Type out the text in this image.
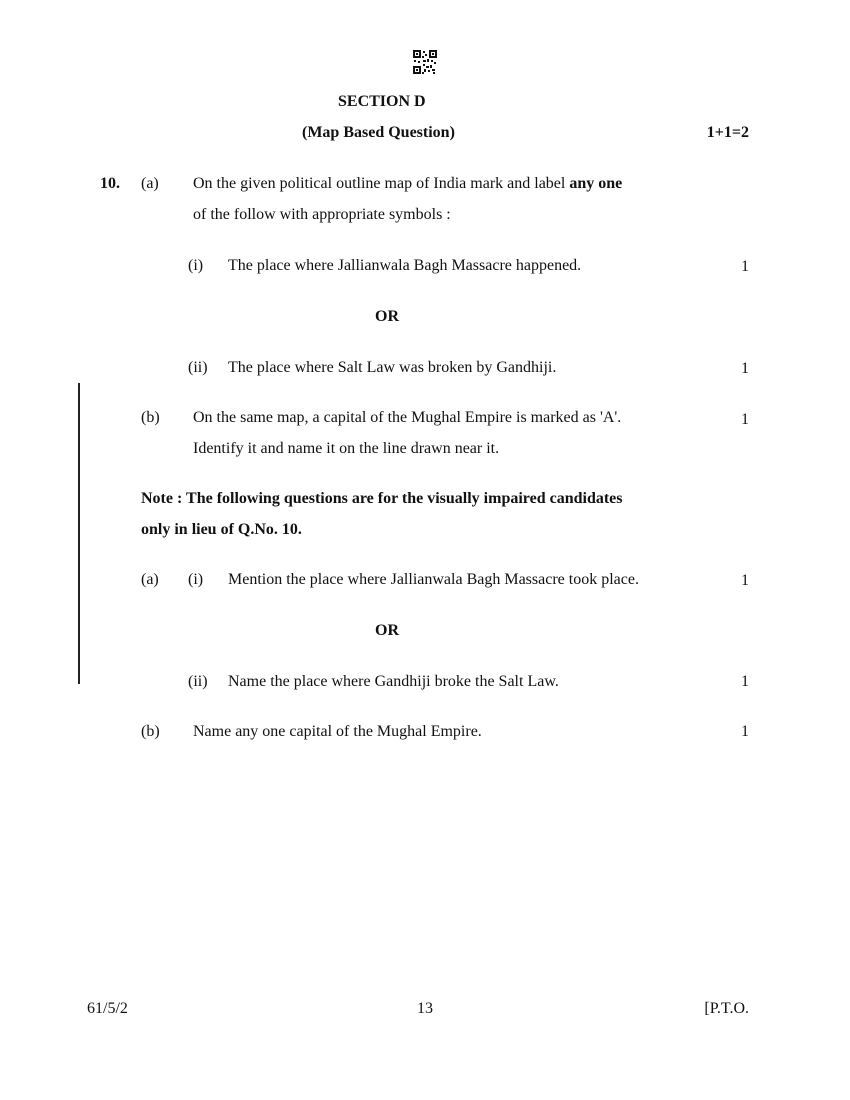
SECTION D
(Map Based Question)	1+1=2
10. (a) On the given political outline map of India mark and label any one
of the follow with appropriate symbols :
(i) The place where Jallianwala Bagh Massacre happened.	1
OR
(ii) The place where Salt Law was broken by Gandhiji.	1
(b) On the same map, a capital of the Mughal Empire is marked as 'A'.	1
Identify it and name it on the line drawn near it.
Note : The following questions are for the visually impaired candidates
only in lieu of Q.No. 10.
(a) (i) Mention the place where Jallianwala Bagh Massacre took place.	1
OR
(ii) Name the place where Gandhiji broke the Salt Law.	1
(b) Name any one capital of the Mughal Empire.	1
61/5/2	13	[P.T.O.
